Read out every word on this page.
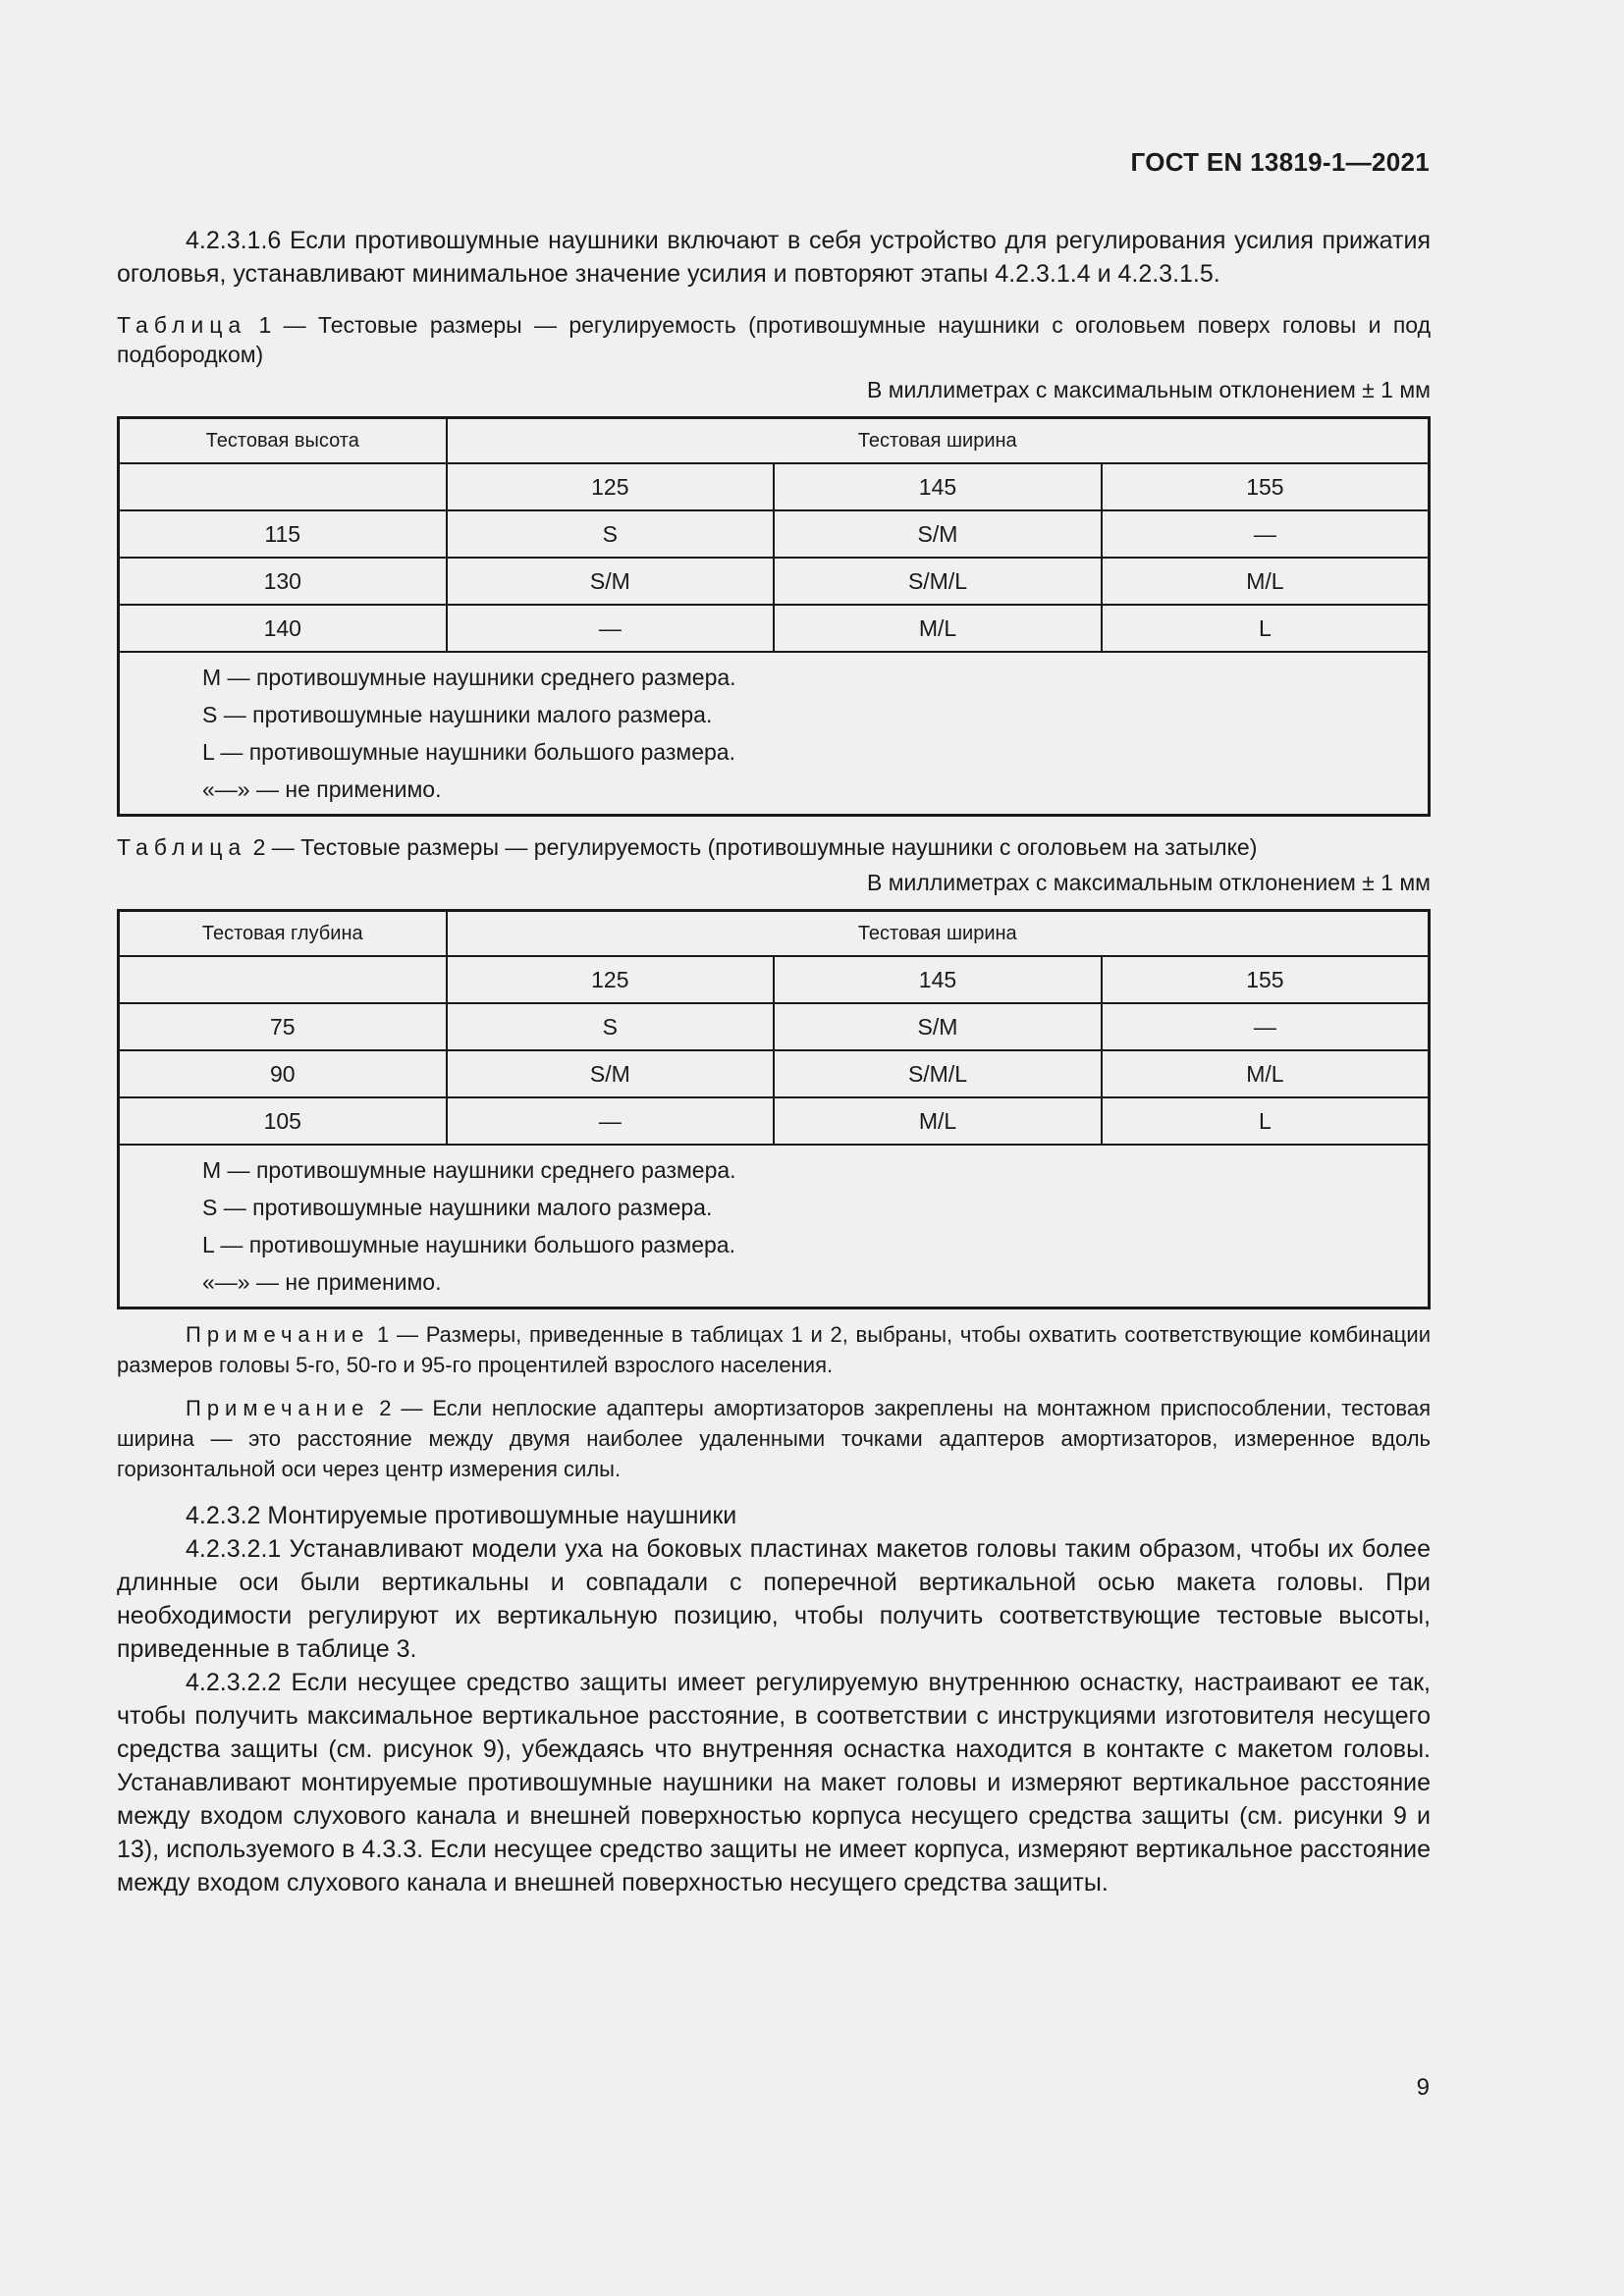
ГОСТ EN 13819-1—2021

4.2.3.1.6 Если противошумные наушники включают в себя устройство для регулирования усилия прижатия оголовья, устанавливают минимальное значение усилия и повторяют этапы 4.2.3.1.4 и 4.2.3.1.5.

Таблица 1 — Тестовые размеры — регулируемость (противошумные наушники с оголовьем поверх головы и под подбородком)

В миллиметрах с максимальным отклонением ± 1 мм

Тестовая высота	Тестовая ширина		
	125	145	155
115	S	S/M	—
130	S/M	S/M/L	M/L
140	—	M/L	L

M — противошумные наушники среднего размера.
S — противошумные наушники малого размера.
L — противошумные наушники большого размера.
«—» — не применимо.			

Таблица 2 — Тестовые размеры — регулируемость (противошумные наушники с оголовьем на затылке)

В миллиметрах с максимальным отклонением ± 1 мм

Тестовая глубина	Тестовая ширина		
	125	145	155
75	S	S/M	—
90	S/M	S/M/L	M/L
105	—	M/L	L

M — противошумные наушники среднего размера.
S — противошумные наушники малого размера.
L — противошумные наушники большого размера.
«—» — не применимо.			

Примечание 1 — Размеры, приведенные в таблицах 1 и 2, выбраны, чтобы охватить соответствующие комбинации размеров головы 5-го, 50-го и 95-го процентилей взрослого населения.

Примечание 2 — Если неплоские адаптеры амортизаторов закреплены на монтажном приспособлении, тестовая ширина — это расстояние между двумя наиболее удаленными точками адаптеров амортизаторов, измеренное вдоль горизонтальной оси через центр измерения силы.

4.2.3.2 Монтируемые противошумные наушники

4.2.3.2.1 Устанавливают модели уха на боковых пластинах макетов головы таким образом, чтобы их более длинные оси были вертикальны и совпадали с поперечной вертикальной осью макета головы. При необходимости регулируют их вертикальную позицию, чтобы получить соответствующие тестовые высоты, приведенные в таблице 3.

4.2.3.2.2 Если несущее средство защиты имеет регулируемую внутреннюю оснастку, настраивают ее так, чтобы получить максимальное вертикальное расстояние, в соответствии с инструкциями изготовителя несущего средства защиты (см. рисунок 9), убеждаясь что внутренняя оснастка находится в контакте с макетом головы. Устанавливают монтируемые противошумные наушники на макет головы и измеряют вертикальное расстояние между входом слухового канала и внешней поверхностью корпуса несущего средства защиты (см. рисунки 9 и 13), используемого в 4.3.3. Если несущее средство защиты не имеет корпуса, измеряют вертикальное расстояние между входом слухового канала и внешней поверхностью несущего средства защиты.

9
